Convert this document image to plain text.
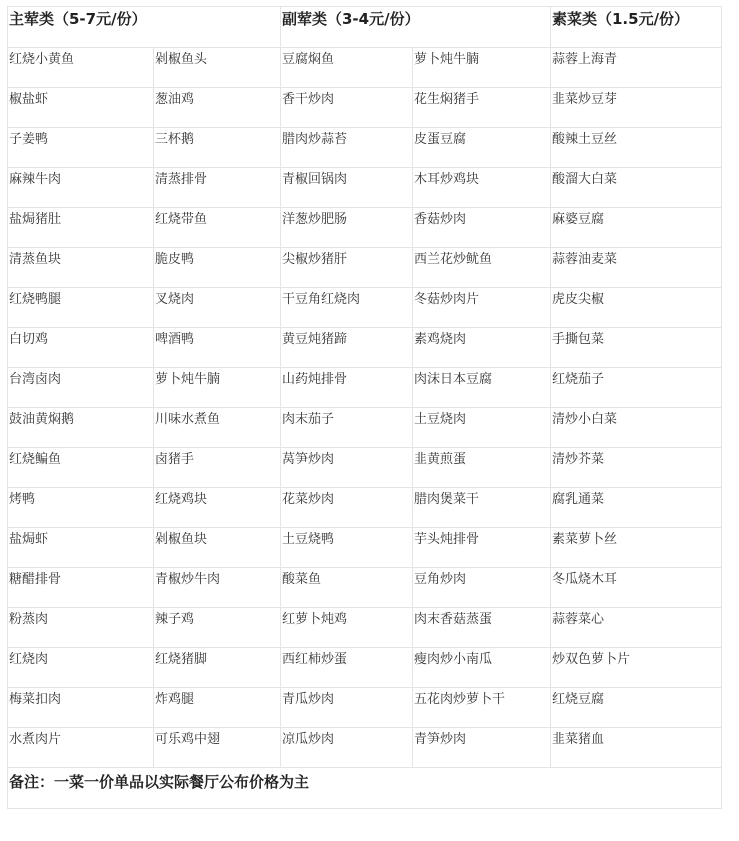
主荤类（5-7元/份）		副荤类（3-4元/份）		素菜类（1.5元/份）
红烧小黄鱼	剁椒鱼头	豆腐焖鱼	萝卜炖牛腩	蒜蓉上海青
椒盐虾	葱油鸡	香干炒肉	花生焖猪手	韭菜炒豆芽
子姜鸭	三杯鹅	腊肉炒蒜苔	皮蛋豆腐	酸辣土豆丝
麻辣牛肉	清蒸排骨	青椒回锅肉	木耳炒鸡块	酸溜大白菜
盐焗猪肚	红烧带鱼	洋葱炒肥肠	香菇炒肉	麻婆豆腐
清蒸鱼块	脆皮鸭	尖椒炒猪肝	西兰花炒鱿鱼	蒜蓉油麦菜
红烧鸭腿	叉烧肉	干豆角红烧肉	冬菇炒肉片	虎皮尖椒
白切鸡	啤酒鸭	黄豆炖猪蹄	素鸡烧肉	手撕包菜
台湾卤肉	萝卜炖牛腩	山药炖排骨	肉沫日本豆腐	红烧茄子
鼓油黄焖鹅	川味水煮鱼	肉末茄子	土豆烧肉	清炒小白菜
红烧鳊鱼	卤猪手	莴笋炒肉	韭黄煎蛋	清炒芥菜
烤鸭	红烧鸡块	花菜炒肉	腊肉煲菜干	腐乳通菜
盐焗虾	剁椒鱼块	土豆烧鸭	芋头炖排骨	素菜萝卜丝
糖醋排骨	青椒炒牛肉	酸菜鱼	豆角炒肉	冬瓜烧木耳
粉蒸肉	辣子鸡	红萝卜炖鸡	肉末香菇蒸蛋	蒜蓉菜心
红烧肉	红烧猪脚	西红柿炒蛋	瘦肉炒小南瓜	炒双色萝卜片
梅菜扣肉	炸鸡腿	青瓜炒肉	五花肉炒萝卜干	红烧豆腐
水煮肉片	可乐鸡中翅	凉瓜炒肉	青笋炒肉	韭菜猪血
备注：一菜一价单品以实际餐厅公布价格为主				
